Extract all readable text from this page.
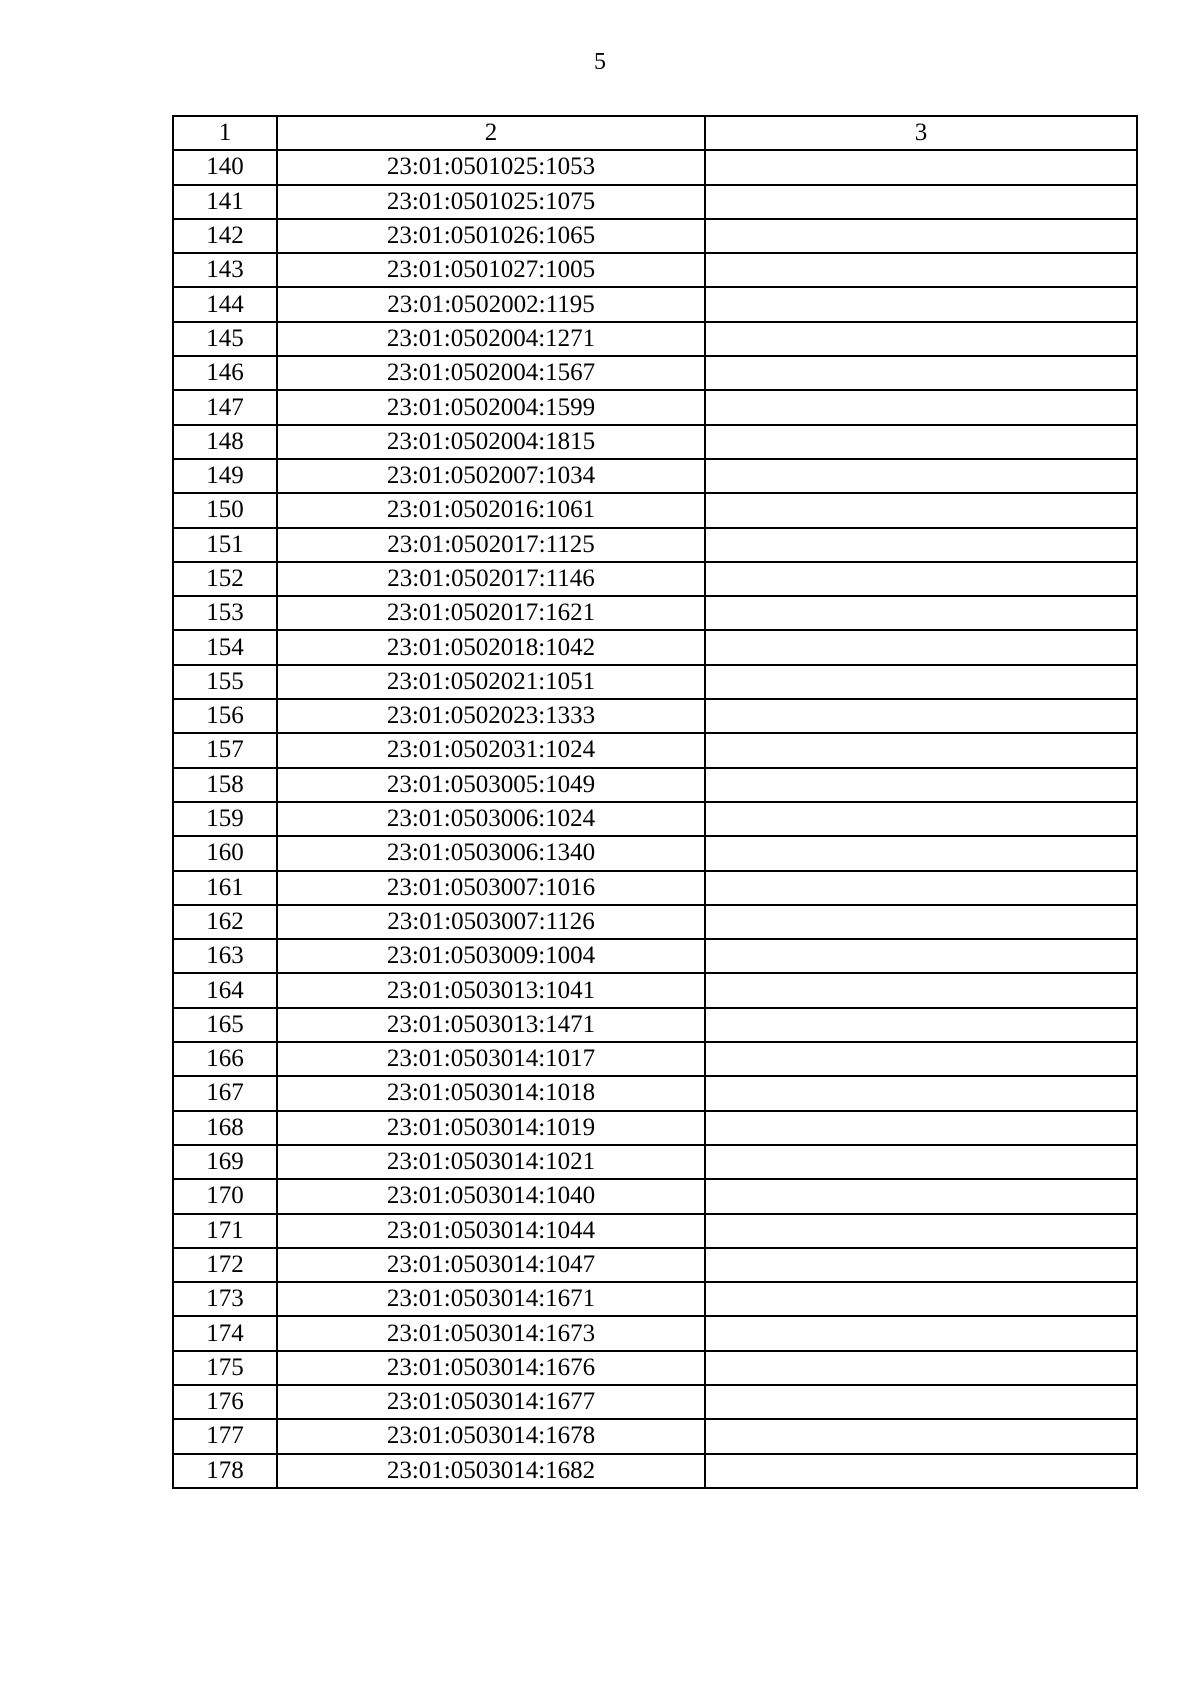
5
1	2	3
140	23:01:0501025:1053	
141	23:01:0501025:1075	
142	23:01:0501026:1065	
143	23:01:0501027:1005	
144	23:01:0502002:1195	
145	23:01:0502004:1271	
146	23:01:0502004:1567	
147	23:01:0502004:1599	
148	23:01:0502004:1815	
149	23:01:0502007:1034	
150	23:01:0502016:1061	
151	23:01:0502017:1125	
152	23:01:0502017:1146	
153	23:01:0502017:1621	
154	23:01:0502018:1042	
155	23:01:0502021:1051	
156	23:01:0502023:1333	
157	23:01:0502031:1024	
158	23:01:0503005:1049	
159	23:01:0503006:1024	
160	23:01:0503006:1340	
161	23:01:0503007:1016	
162	23:01:0503007:1126	
163	23:01:0503009:1004	
164	23:01:0503013:1041	
165	23:01:0503013:1471	
166	23:01:0503014:1017	
167	23:01:0503014:1018	
168	23:01:0503014:1019	
169	23:01:0503014:1021	
170	23:01:0503014:1040	
171	23:01:0503014:1044	
172	23:01:0503014:1047	
173	23:01:0503014:1671	
174	23:01:0503014:1673	
175	23:01:0503014:1676	
176	23:01:0503014:1677	
177	23:01:0503014:1678	
178	23:01:0503014:1682	
